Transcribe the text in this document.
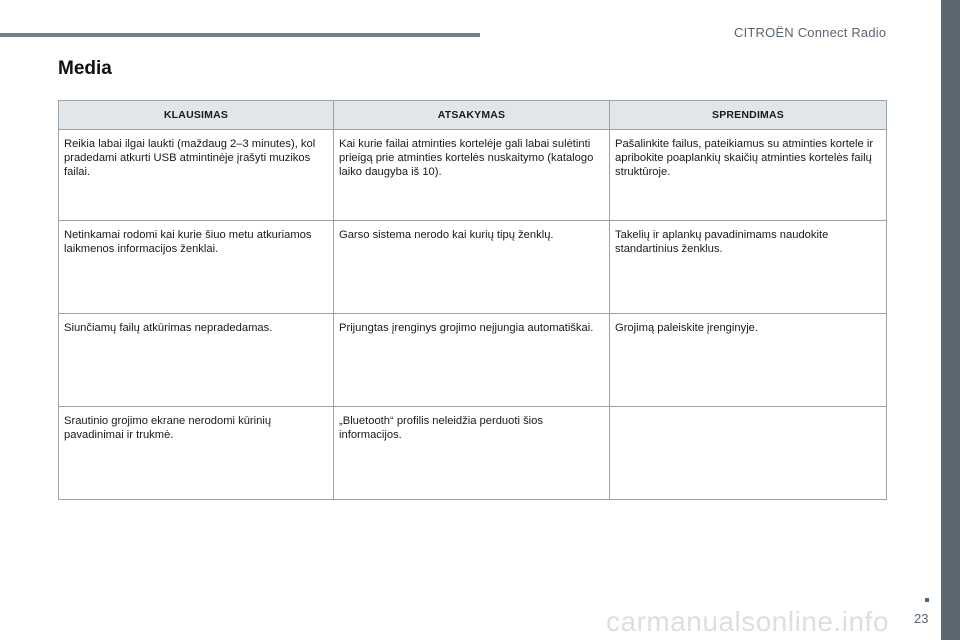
CITROËN Connect Radio
Media
KLAUSIMAS	ATSAKYMAS	SPRENDIMAS
Reikia labai ilgai laukti (maždaug 2–3 minutes), kol pradedami atkurti USB atmintinėje įrašyti muzikos failai.	Kai kurie failai atminties kortelėje gali labai sulėtinti prieigą prie atminties kortelės nuskaitymo (katalogo laiko daugyba iš 10).	Pašalinkite failus, pateikiamus su atminties kortele ir apribokite poaplankių skaičių atminties kortelės failų struktūroje.
Netinkamai rodomi kai kurie šiuo metu atkuriamos laikmenos informacijos ženklai.	Garso sistema nerodo kai kurių tipų ženklų.	Takelių ir aplankų pavadinimams naudokite standartinius ženklus.
Siunčiamų failų atkūrimas nepradedamas.	Prijungtas įrenginys grojimo neįjungia automatiškai.	Grojimą paleiskite įrenginyje.
Srautinio grojimo ekrane nerodomi kūrinių pavadinimai ir trukmė.	„Bluetooth“ profilis neleidžia perduoti šios informacijos.	
23
carmanualsonline.info
